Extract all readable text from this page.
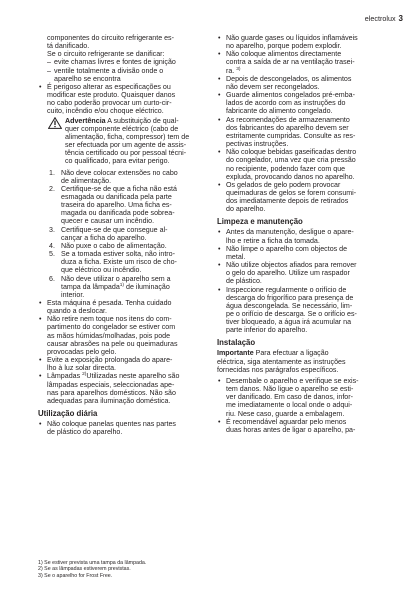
electrolux 3

componentes do circuito refrigerante es-

tá danificado.

Se o circuito refrigerante se danificar:

– evite chamas livres e fontes de ignição

– ventile totalmente a divisão onde o

aparelho se encontra

• É perigoso alterar as especificações ou

modificar este produto. Quaisquer danos

no cabo poderão provocar um curto-cir-

cuito, incêndio e/ou choque eléctrico.

Advertência A substituição de qual-

quer componente eléctrico (cabo de

alimentação, ficha, compressor) tem de

ser efectuada por um agente de assis-

tência certificado ou por pessoal técni-

co qualificado, para evitar perigo.

1. Não deve colocar extensões no cabo

de alimentação.

2. Certifique-se de que a ficha não está

esmagada ou danificada pela parte

traseira do aparelho. Uma ficha es-

magada ou danificada pode sobrea-

quecer e causar um incêndio.

3. Certifique-se de que consegue al-

cançar a ficha do aparelho.

4. Não puxe o cabo de alimentação.

5. Se a tomada estiver solta, não intro-

duza a ficha. Existe um risco de cho-

que eléctrico ou incêndio.

6. Não deve utilizar o aparelho sem a

tampa da lâmpada$^{1)}$ de iluminação

interior.

• Esta máquina é pesada. Tenha cuidado

quando a deslocar.

• Não retire nem toque nos itens do com-

partimento do congelador se estiver com

as mãos húmidas/molhadas, pois pode

causar abrasões na pele ou queimaduras

provocadas pelo gelo.

• Evite a exposição prolongada do apare-

lho à luz solar directa.

• Lâmpadas $^{2)}$Utilizadas neste aparelho são

lâmpadas especiais, seleccionadas ape-

nas para aparelhos domésticos. Não são

adequadas para iluminação doméstica.

Utilização diária

• Não coloque panelas quentes nas partes

de plástico do aparelho.

• Não guarde gases ou líquidos inflamáveis

no aparelho, porque podem explodir.

• Não coloque alimentos directamente

contra a saída de ar na ventilação trasei-

ra. $^{3)}$

• Depois de descongelados, os alimentos

não devem ser recongelados.

• Guarde alimentos congelados pré-emba-

lados de acordo com as instruções do

fabricante do alimento congelado.

• As recomendações de armazenamento

dos fabricantes do aparelho devem ser

estritamente cumpridas. Consulte as res-

pectivas instruções.

• Não coloque bebidas gaseificadas dentro

do congelador, uma vez que cria pressão

no recipiente, podendo fazer com que

expluda, provocando danos no aparelho.

• Os gelados de gelo podem provocar

queimaduras de gelos se forem consumi-

dos imediatamente depois de retirados

do aparelho.

Limpeza e manutenção

• Antes da manutenção, desligue o apare-

lho e retire a ficha da tomada.

• Não limpe o aparelho com objectos de

metal.

• Não utilize objectos afiados para remover

o gelo do aparelho. Utilize um raspador

de plástico.

• Inspeccione regularmente o orifício de

descarga do frigorífico para presença de

água descongelada. Se necessário, lim-

pe o orifício de descarga. Se o orifício es-

tiver bloqueado, a água irá acumular na

parte inferior do aparelho.

Instalação

Importante Para efectuar a ligação

eléctrica, siga atentamente as instruções

fornecidas nos parágrafos específicos.

• Desembale o aparelho e verifique se exis-

tem danos. Não ligue o aparelho se esti-

ver danificado. Em caso de danos, infor-

me imediatamente o local onde o adqui-

riu. Nese caso, guarde a embalagem.

• É recomendável aguardar pelo menos

duas horas antes de ligar o aparelho, pa-

1) Se estiver prevista uma tampa da lâmpada.

2) Se as lâmpadas estiverem previstas.

3) Se o aparelho for Frost Free.
